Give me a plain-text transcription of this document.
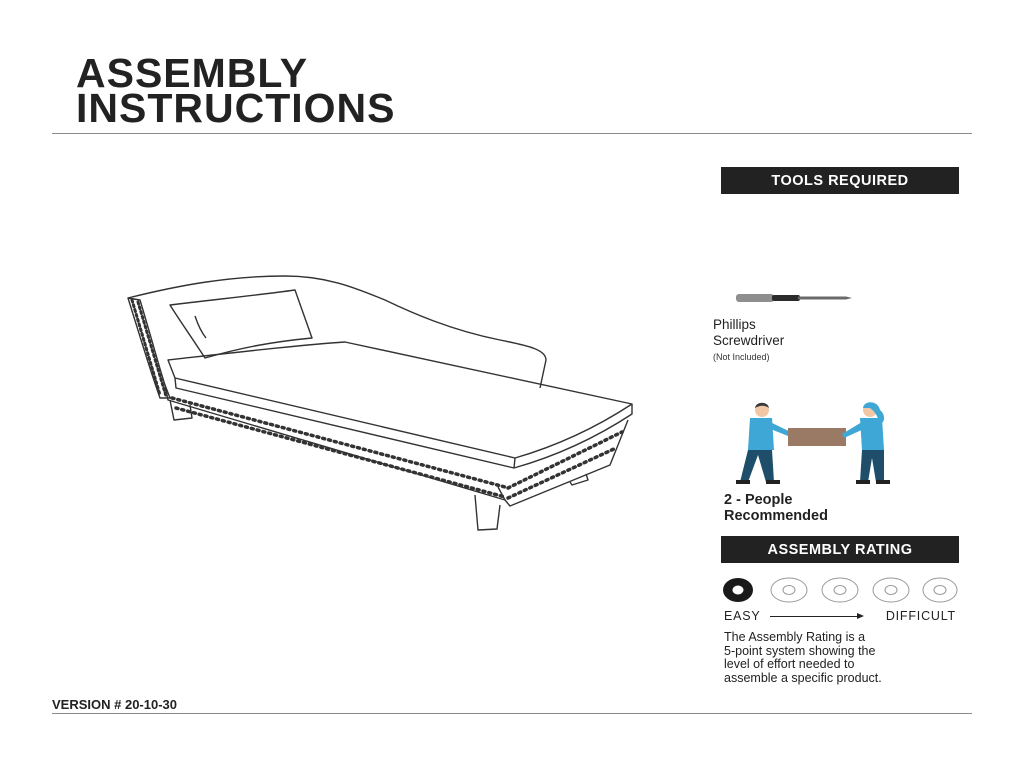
ASSEMBLY
INSTRUCTIONS
TOOLS REQUIRED
Phillips
Screwdriver
(Not Included)
2 - People
Recommended
ASSEMBLY RATING
EASY	DIFFICULT
The Assembly Rating is a
5-point system showing the
level of effort needed to
assemble a specific product.
VERSION # 20-10-30
